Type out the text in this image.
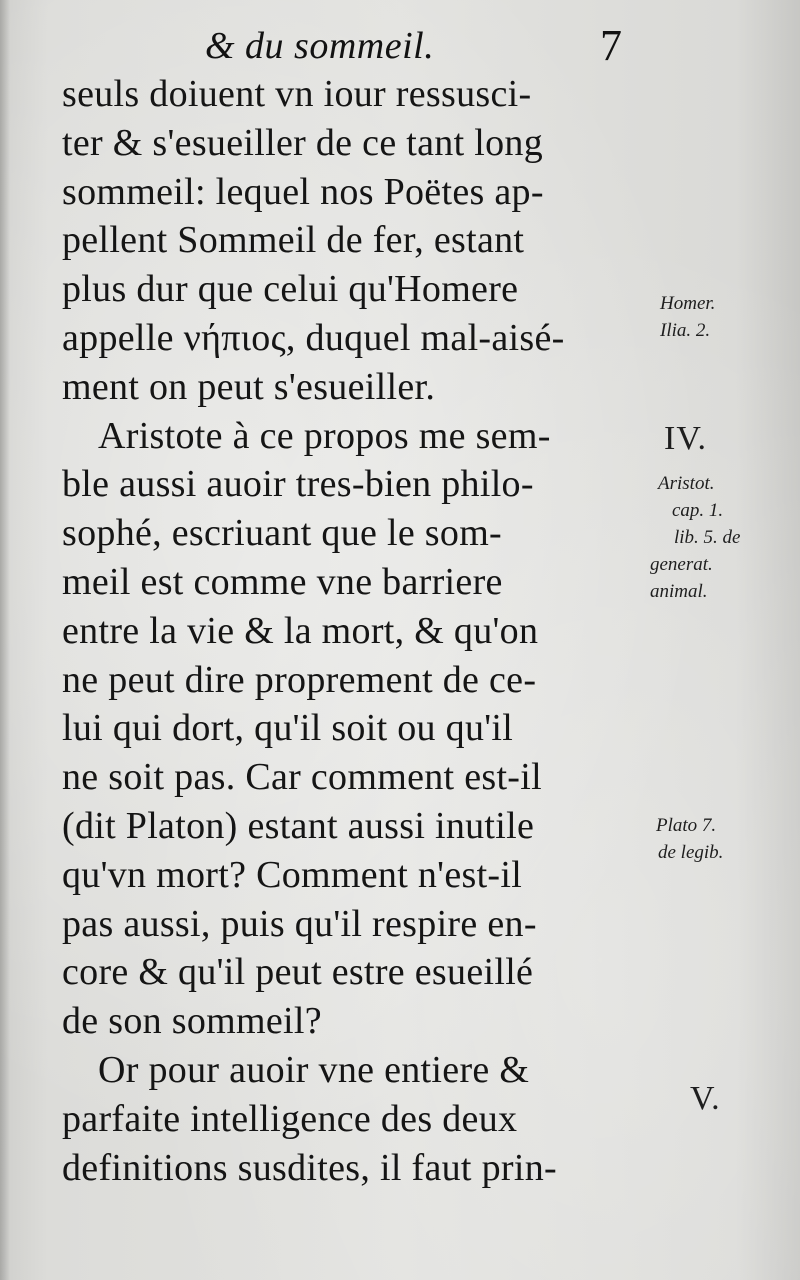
& du sommeil.	7
seuls doiuent vn iour ressusci-
ter & s'esueiller de ce tant long
sommeil: lequel nos Poëtes ap-
pellent Sommeil de fer, estant
plus dur que celui qu'Homere
appelle νήπιος, duquel mal-aisé-
ment on peut s'esueiller.
Aristote à ce propos me sem-
ble aussi auoir tres-bien philo-
sophé, escriuant que le som-
meil est comme vne barriere
entre la vie & la mort, & qu'on
ne peut dire proprement de ce-
lui qui dort, qu'il soit ou qu'il
ne soit pas. Car comment est-il
(dit Platon) estant aussi inutile
qu'vn mort? Comment n'est-il
pas aussi, puis qu'il respire en-
core & qu'il peut estre esueillé
de son sommeil?
Or pour auoir vne entiere &
parfaite intelligence des deux
definitions susdites, il faut prin-
Homer.
Ilia. 2.
IV.
Aristot.
cap. 1.
lib. 5. de
generat.
animal.
Plato 7.
de legib.
V.
